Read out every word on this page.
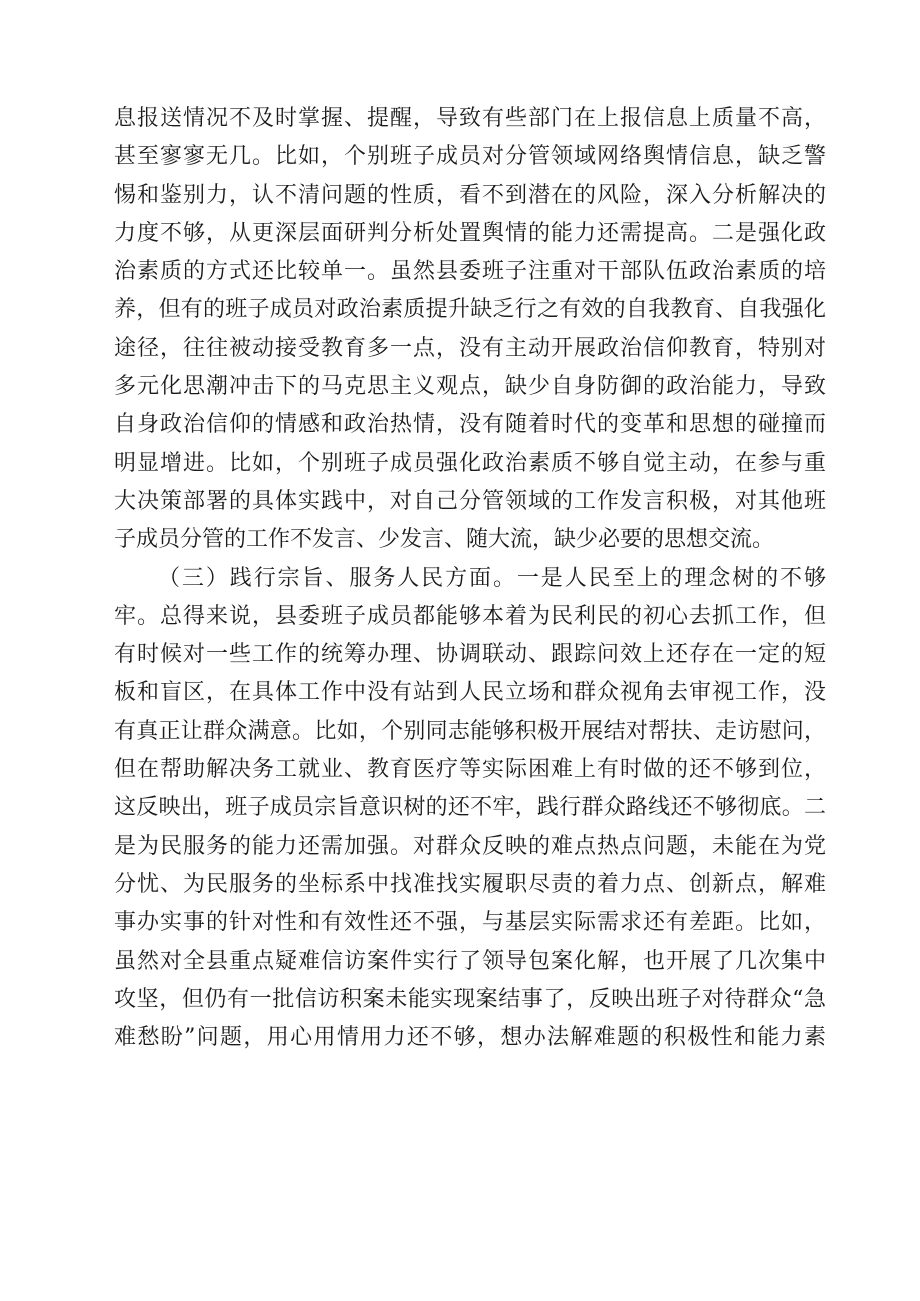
息报送情况不及时掌握、提醒，导致有些部门在上报信息上质量不高，
甚至寥寥无几。比如，个别班子成员对分管领域网络舆情信息，缺乏警
惕和鉴别力，认不清问题的性质，看不到潜在的风险，深入分析解决的
力度不够，从更深层面研判分析处置舆情的能力还需提高。二是强化政
治素质的方式还比较单一。虽然县委班子注重对干部队伍政治素质的培
养，但有的班子成员对政治素质提升缺乏行之有效的自我教育、自我强化
途径，往往被动接受教育多一点，没有主动开展政治信仰教育，特别对
多元化思潮冲击下的马克思主义观点，缺少自身防御的政治能力，导致
自身政治信仰的情感和政治热情，没有随着时代的变革和思想的碰撞而
明显增进。比如，个别班子成员强化政治素质不够自觉主动，在参与重
大决策部署的具体实践中，对自己分管领域的工作发言积极，对其他班
子成员分管的工作不发言、少发言、随大流，缺少必要的思想交流。
（三）践行宗旨、服务人民方面。一是人民至上的理念树的不够
牢。总得来说，县委班子成员都能够本着为民利民的初心去抓工作，但
有时候对一些工作的统筹办理、协调联动、跟踪问效上还存在一定的短
板和盲区，在具体工作中没有站到人民立场和群众视角去审视工作，没
有真正让群众满意。比如，个别同志能够积极开展结对帮扶、走访慰问，
但在帮助解决务工就业、教育医疗等实际困难上有时做的还不够到位，
这反映出，班子成员宗旨意识树的还不牢，践行群众路线还不够彻底。二
是为民服务的能力还需加强。对群众反映的难点热点问题，未能在为党
分忧、为民服务的坐标系中找准找实履职尽责的着力点、创新点，解难
事办实事的针对性和有效性还不强，与基层实际需求还有差距。比如，
虽然对全县重点疑难信访案件实行了领导包案化解，也开展了几次集中
攻坚，但仍有一批信访积案未能实现案结事了，反映出班子对待群众“急
难愁盼”问题，用心用情用力还不够，想办法解难题的积极性和能力素
